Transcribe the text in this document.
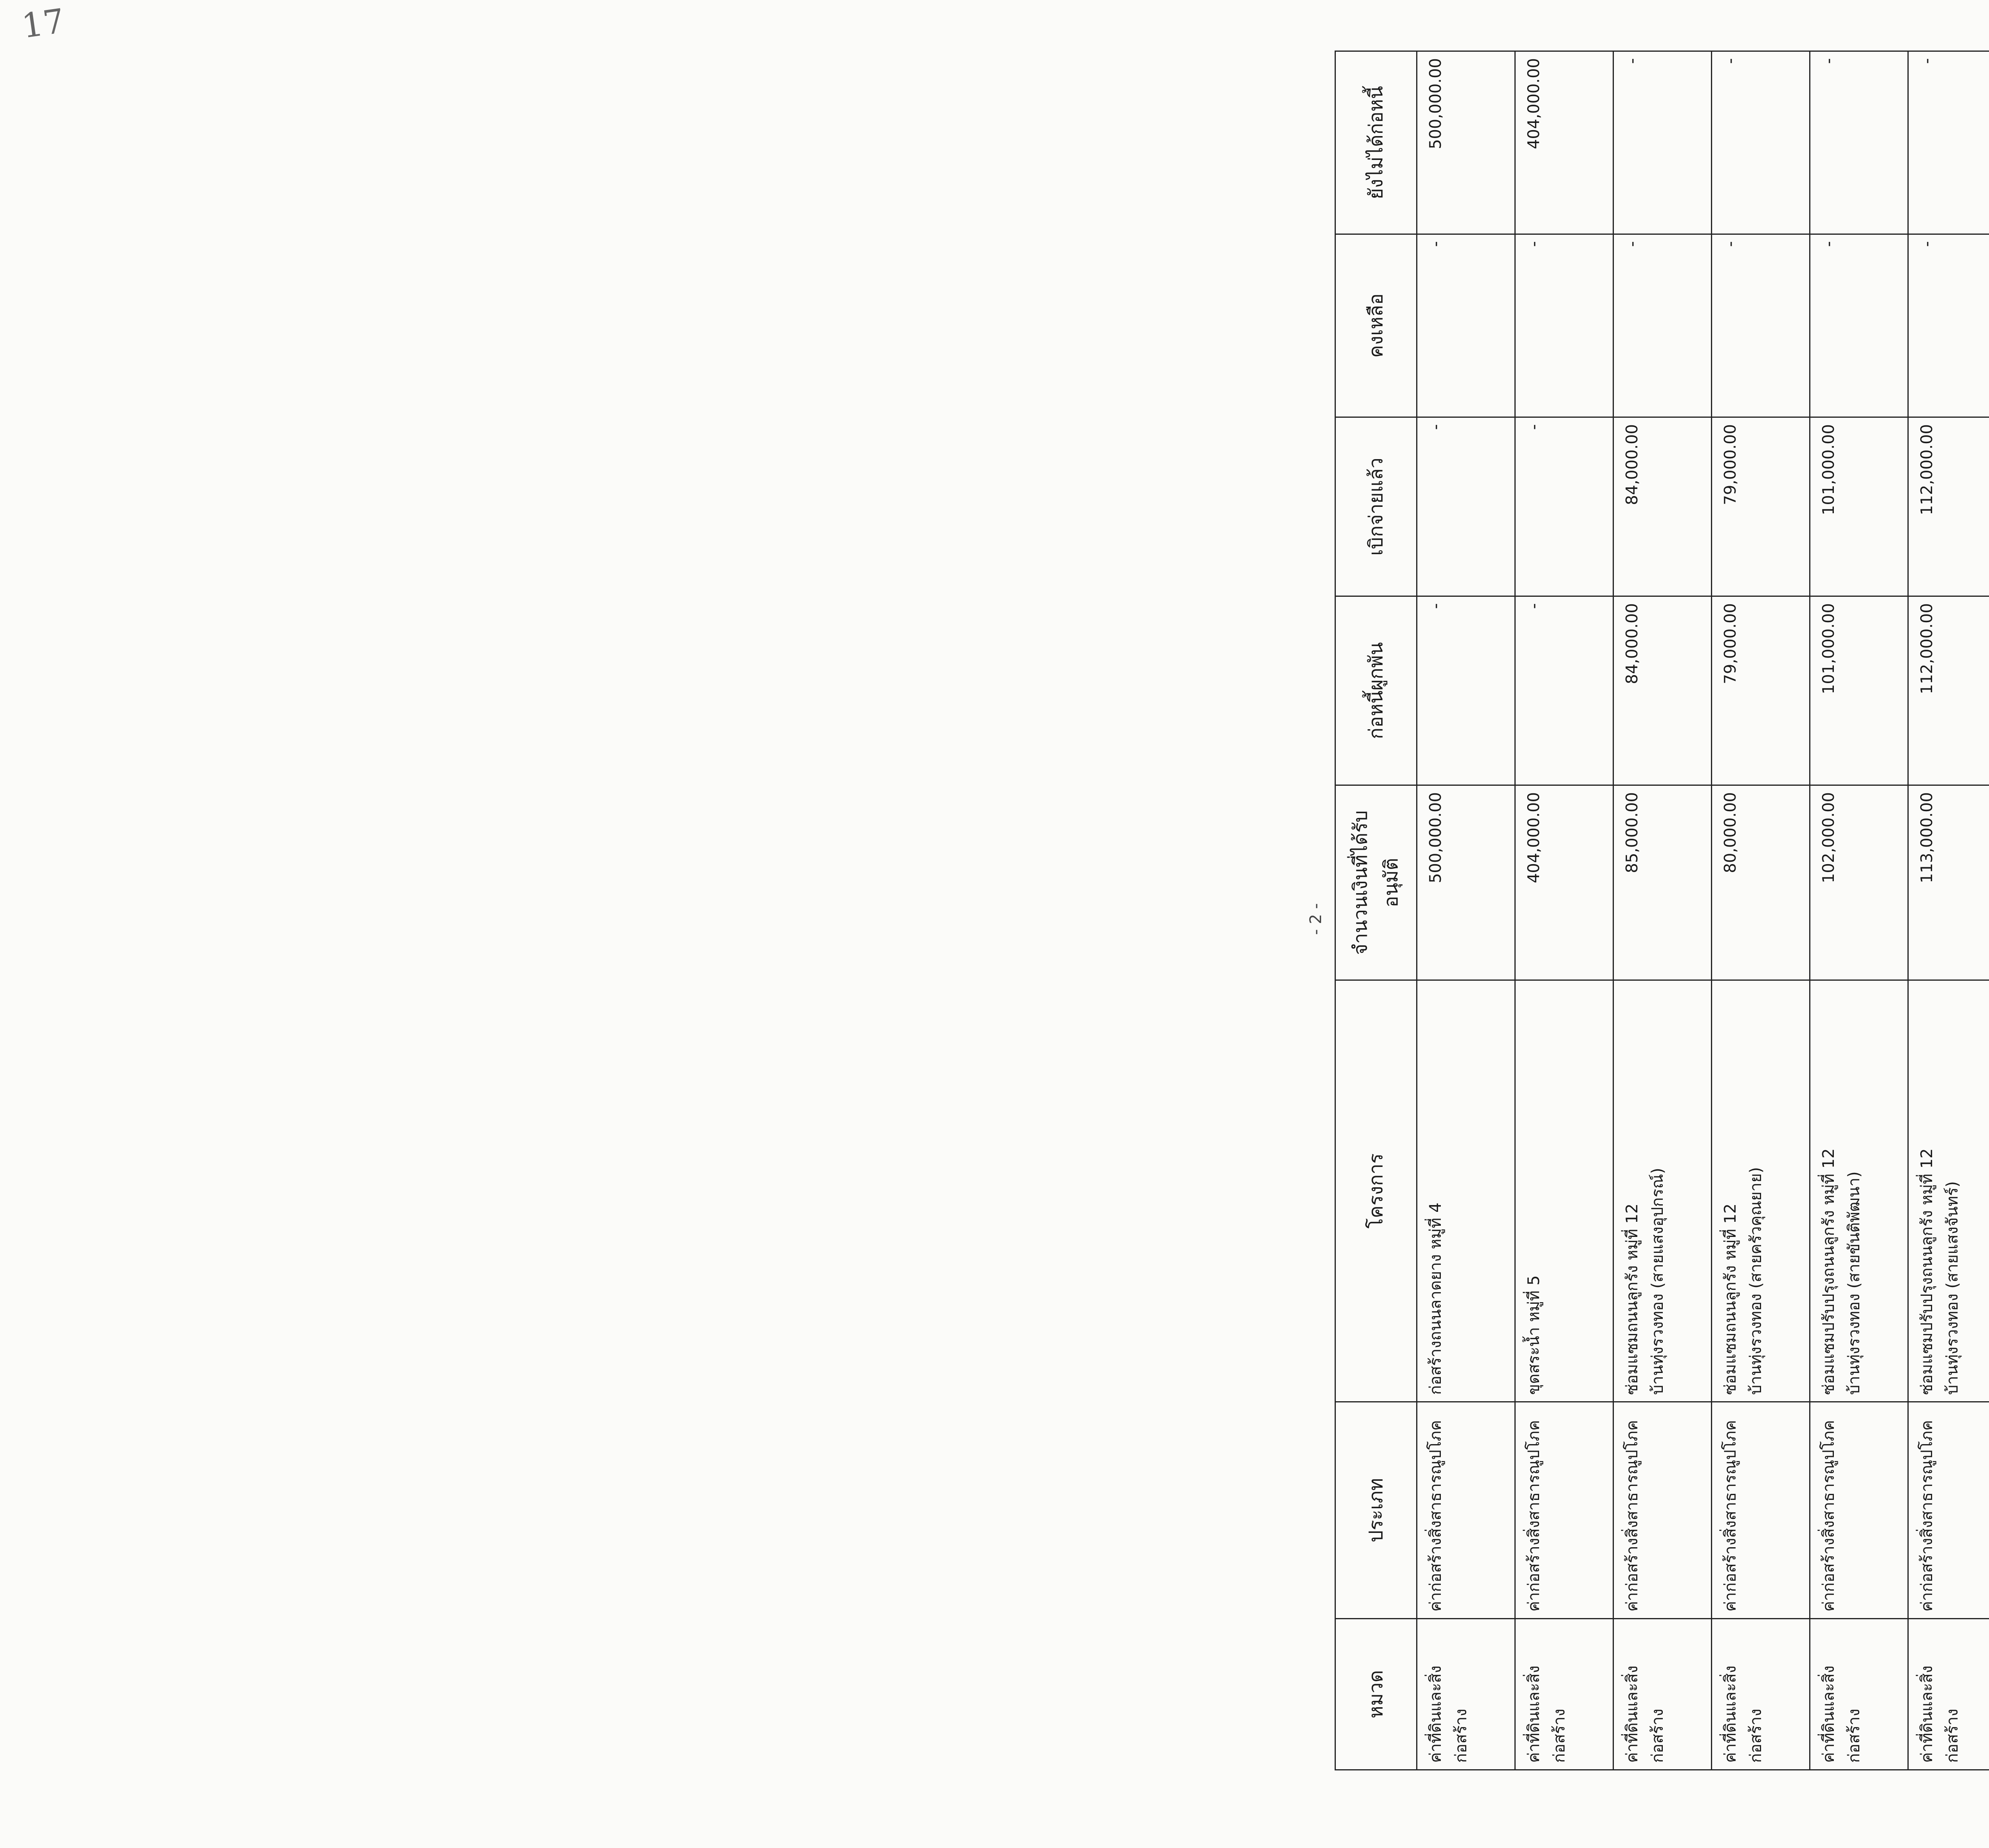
17
- 2 -
หมวด	ประเภท	โครงการ	จำนวนเงินที่ได้รับอนุมัติ	ก่อหนี้ผูกพัน	เบิกจ่ายแล้ว	คงเหลือ	ยังไม่ได้ก่อหนี้
ค่าที่ดินและสิ่งก่อสร้าง	ค่าก่อสร้างสิ่งสาธารณูปโภค	ก่อสร้างถนนลาดยาง หมู่ที่ 4	500,000.00	-	-	-	500,000.00
ค่าที่ดินและสิ่งก่อสร้าง	ค่าก่อสร้างสิ่งสาธารณูปโภค	ขุดสระน้ำ หมู่ที่ 5	404,000.00	-	-	-	404,000.00
ค่าที่ดินและสิ่งก่อสร้าง	ค่าก่อสร้างสิ่งสาธารณูปโภค	ซ่อมแซมถนนลูกรัง หมู่ที่ 12 บ้านทุ่งรวงทอง (สายแสงอุปกรณ์)	85,000.00	84,000.00	84,000.00	-	-
ค่าที่ดินและสิ่งก่อสร้าง	ค่าก่อสร้างสิ่งสาธารณูปโภค	ซ่อมแซมถนนลูกรัง หมู่ที่ 12 บ้านทุ่งรวงทอง (สายครัวคุณยาย)	80,000.00	79,000.00	79,000.00	-	-
ค่าที่ดินและสิ่งก่อสร้าง	ค่าก่อสร้างสิ่งสาธารณูปโภค	ซ่อมแซมปรับปรุงถนนลูกรัง หมู่ที่ 12 บ้านทุ่งรวงทอง (สายขันติพัฒนา)	102,000.00	101,000.00	101,000.00	-	-
ค่าที่ดินและสิ่งก่อสร้าง	ค่าก่อสร้างสิ่งสาธารณูปโภค	ซ่อมแซมปรับปรุงถนนลูกรัง หมู่ที่ 12 บ้านทุ่งรวงทอง (สายแสงจันทร์)	113,000.00	112,000.00	112,000.00	-	-
